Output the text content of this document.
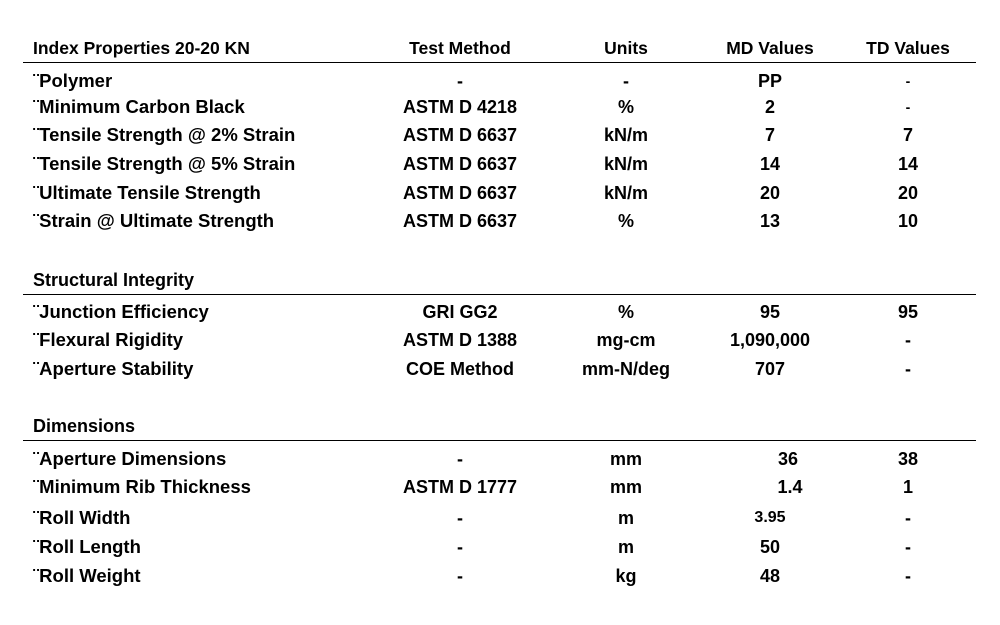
Index Properties 20-20 KN	Test Method	Units	MD Values	TD Values
¨Polymer	-	-	PP	-
¨Minimum Carbon Black	ASTM D 4218	%	2	-
¨Tensile Strength @ 2% Strain	ASTM D 6637	kN/m	7	7
¨Tensile Strength @ 5% Strain	ASTM D 6637	kN/m	14	14
¨Ultimate Tensile Strength	ASTM D 6637	kN/m	20	20
¨Strain @ Ultimate Strength	ASTM D 6637	%	13	10
Structural Integrity
¨Junction Efficiency	GRI GG2	%	95	95
¨Flexural Rigidity	ASTM D 1388	mg-cm	1,090,000	-
¨Aperture Stability	COE Method	mm-N/deg	707	-
Dimensions
¨Aperture Dimensions	-	mm	36	38
¨Minimum Rib Thickness	ASTM D 1777	mm	1.4	1
¨Roll Width	-	m	3.95	-
¨Roll Length	-	m	50	-
¨Roll Weight	-	kg	48	-
